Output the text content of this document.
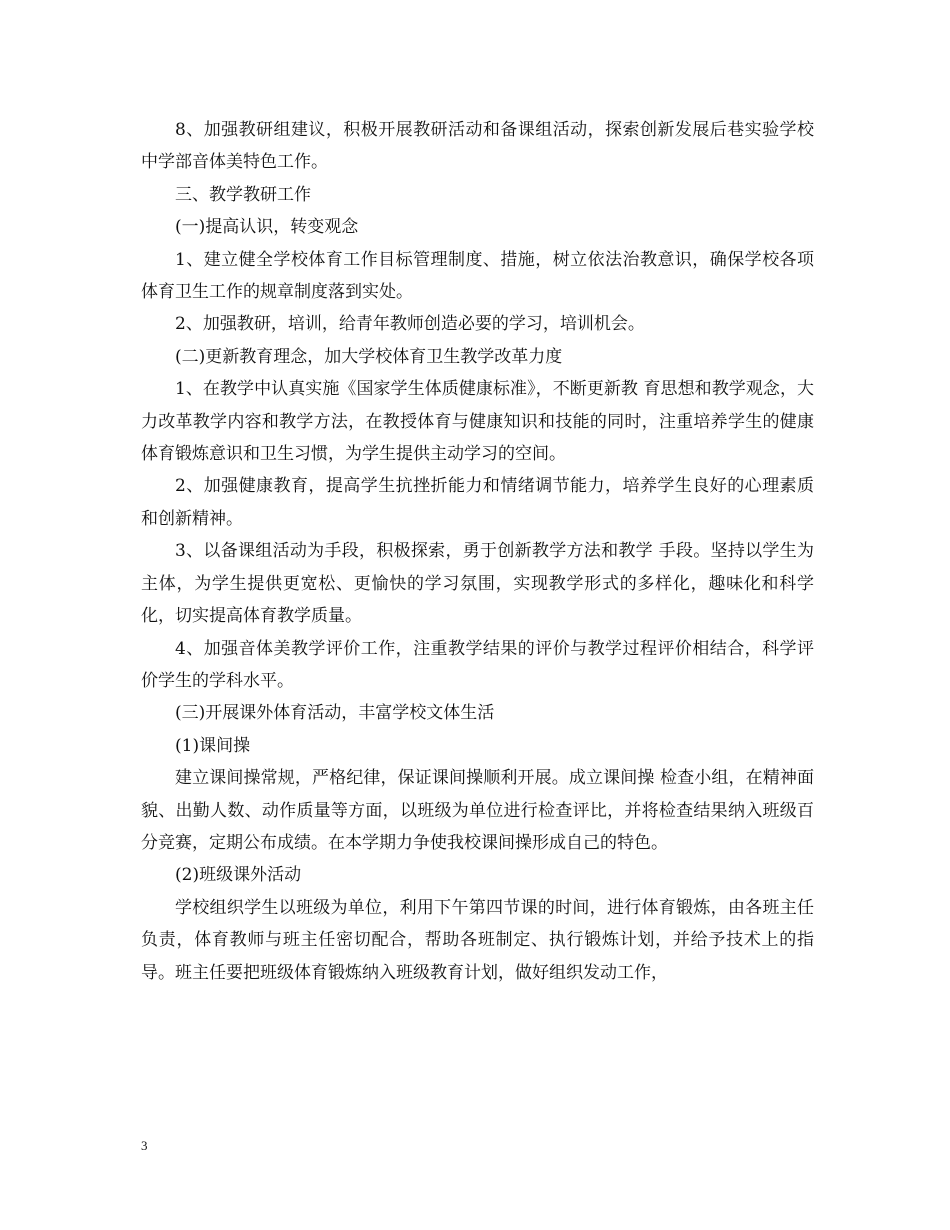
8、加强教研组建议，积极开展教研活动和备课组活动，探索创新发展后巷实验学校中学部音体美特色工作。

三、教学教研工作

(一)提高认识，转变观念

1、建立健全学校体育工作目标管理制度、措施，树立依法治教意识，确保学校各项体育卫生工作的规章制度落到实处。

2、加强教研，培训，给青年教师创造必要的学习，培训机会。

(二)更新教育理念，加大学校体育卫生教学改革力度

1、在教学中认真实施《国家学生体质健康标准》，不断更新教 育思想和教学观念，大力改革教学内容和教学方法，在教授体育与健康知识和技能的同时，注重培养学生的健康体育锻炼意识和卫生习惯，为学生提供主动学习的空间。

2、加强健康教育，提高学生抗挫折能力和情绪调节能力，培养学生良好的心理素质和创新精神。

3、以备课组活动为手段，积极探索，勇于创新教学方法和教学 手段。坚持以学生为主体，为学生提供更宽松、更愉快的学习氛围，实现教学形式的多样化，趣味化和科学化，切实提高体育教学质量。

4、加强音体美教学评价工作，注重教学结果的评价与教学过程评价相结合，科学评价学生的学科水平。

(三)开展课外体育活动，丰富学校文体生活

(1)课间操

建立课间操常规，严格纪律，保证课间操顺利开展。成立课间操 检查小组，在精神面貌、出勤人数、动作质量等方面，以班级为单位进行检查评比，并将检查结果纳入班级百分竞赛，定期公布成绩。在本学期力争使我校课间操形成自己的特色。

(2)班级课外活动

学校组织学生以班级为单位，利用下午第四节课的时间，进行体育锻炼，由各班主任负责，体育教师与班主任密切配合，帮助各班制定、执行锻炼计划，并给予技术上的指导。班主任要把班级体育锻炼纳入班级教育计划，做好组织发动工作，

3
